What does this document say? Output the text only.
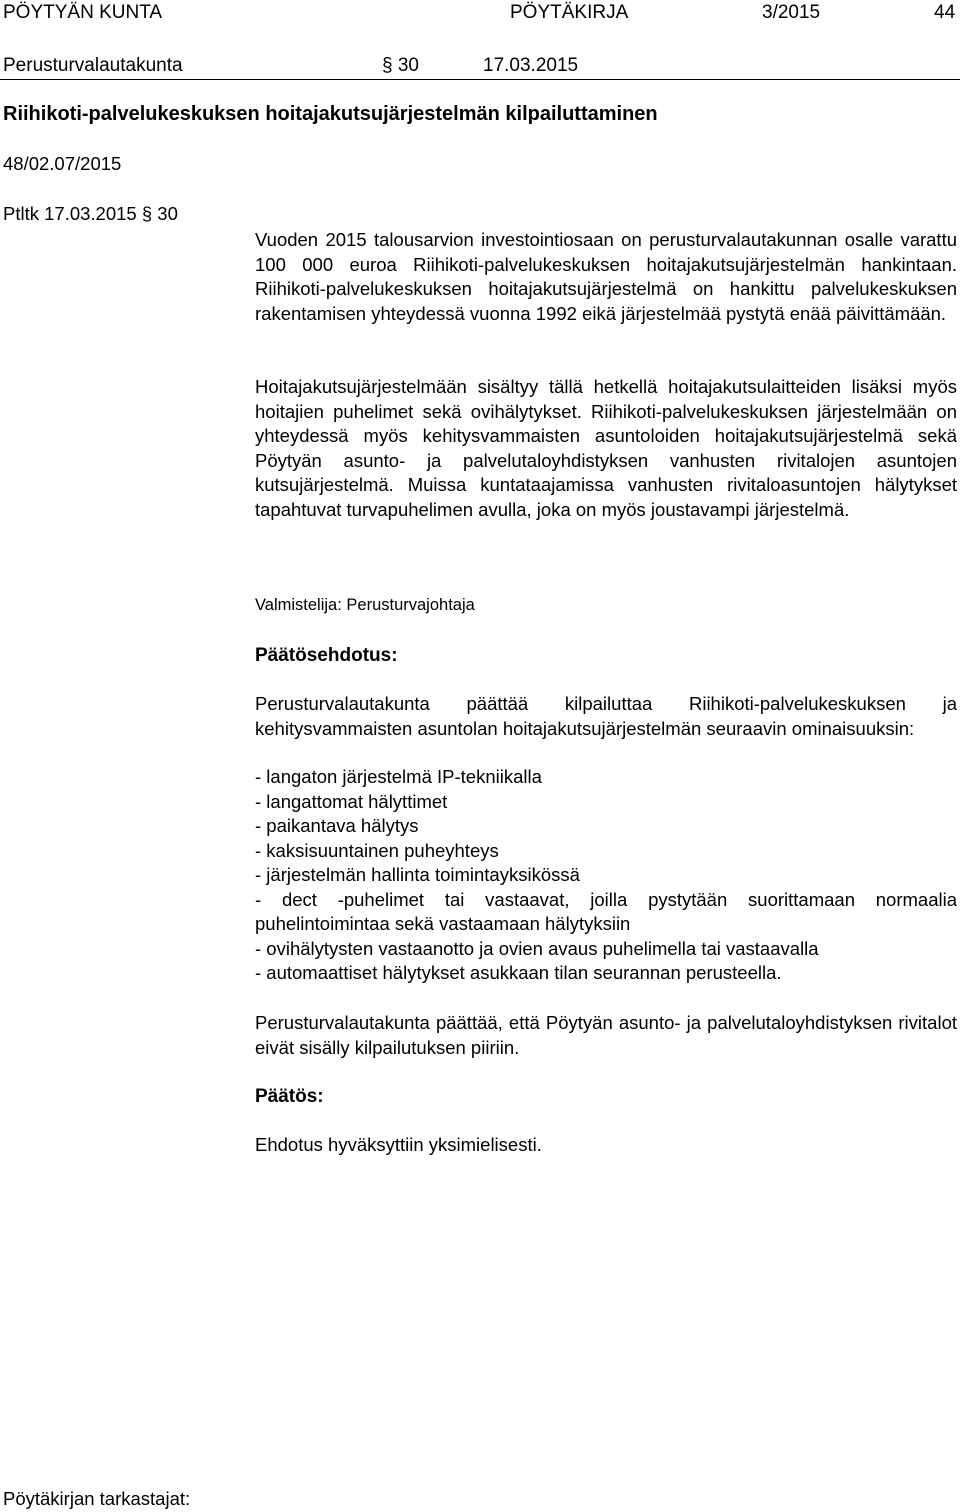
PÖYTYÄN KUNTA	PÖYTÄKIRJA	3/2015	44
Perusturvalautakunta	§ 30	17.03.2015
Riihikoti-palvelukeskuksen hoitajakutsujärjestelmän kilpailuttaminen
48/02.07/2015
Ptltk 17.03.2015 § 30

Vuoden 2015 talousarvion investointiosaan on perusturvalautakunnan osalle varattu 100 000 euroa Riihikoti-palvelukeskuksen hoitajakutsujärjestelmän hankintaan. Riihikoti-palvelukeskuksen hoitajakutsujärjestelmä on hankittu palvelukeskuksen rakentamisen yhteydessä vuonna 1992 eikä järjestelmää pystytä enää päivittämään.

Hoitajakutsujärjestelmään sisältyy tällä hetkellä hoitajakutsulaitteiden lisäksi myös hoitajien puhelimet sekä ovihälytykset. Riihikoti-palvelukeskuksen järjestelmään on yhteydessä myös kehitysvammaisten asuntoloiden hoitajakutsujärjestelmä sekä Pöytyän asunto- ja palvelutaloyhdistyksen vanhusten rivitalojen asuntojen kutsujärjestelmä. Muissa kuntataajamissa vanhusten rivitaloasuntojen hälytykset tapahtuvat turvapuhelimen avulla, joka on myös joustavampi järjestelmä.

Valmistelija: Perusturvajohtaja
Päätösehdotus:

Perusturvalautakunta päättää kilpailuttaa Riihikoti-palvelukeskuksen ja kehitysvammaisten asuntolan hoitajakutsujärjestelmän seuraavin ominaisuuksin:

- langaton järjestelmä IP-tekniikalla
- langattomat hälyttimet
- paikantava hälytys
- kaksisuuntainen puheyhteys
- järjestelmän hallinta toimintayksikössä
- dect -puhelimet tai vastaavat, joilla pystytään suorittamaan normaalia puhelintoimintaa sekä vastaamaan hälytyksiin
- ovihälytysten vastaanotto ja ovien avaus puhelimella tai vastaavalla
- automaattiset hälytykset asukkaan tilan seurannan perusteella.

Perusturvalautakunta päättää, että Pöytyän asunto- ja palvelutaloyhdistyksen rivitalot eivät sisälly kilpailutuksen piiriin.

Päätös:
Ehdotus hyväksyttiin yksimielisesti.
Pöytäkirjan tarkastajat:
